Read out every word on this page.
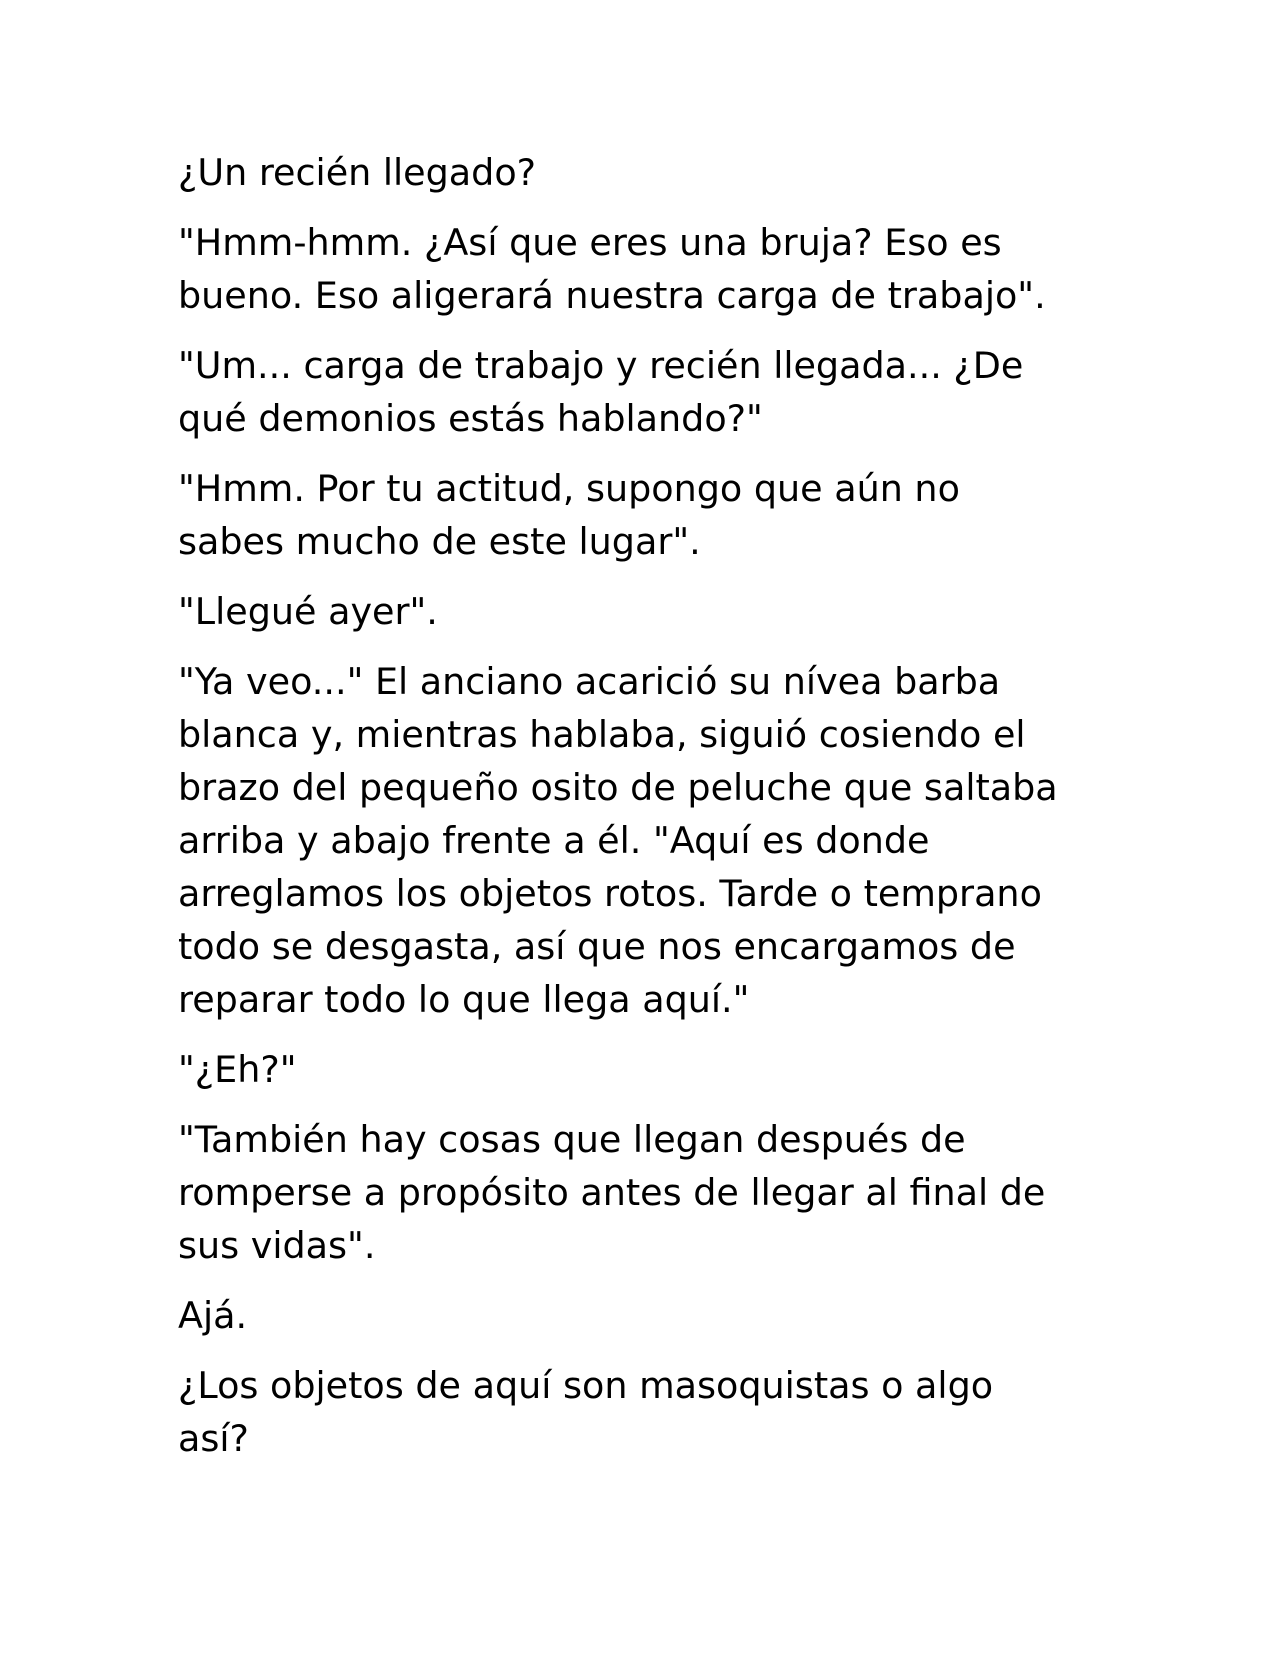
¿Un recién llegado?

"Hmm-hmm. ¿Así que eres una bruja? Eso es
bueno. Eso aligerará nuestra carga de trabajo".

"Um... carga de trabajo y recién llegada... ¿De
qué demonios estás hablando?"

"Hmm. Por tu actitud, supongo que aún no
sabes mucho de este lugar".

"Llegué ayer".

"Ya veo..." El anciano acarició su nívea barba
blanca y, mientras hablaba, siguió cosiendo el
brazo del pequeño osito de peluche que saltaba
arriba y abajo frente a él. "Aquí es donde
arreglamos los objetos rotos. Tarde o temprano
todo se desgasta, así que nos encargamos de
reparar todo lo que llega aquí."

"¿Eh?"

"También hay cosas que llegan después de
romperse a propósito antes de llegar al final de
sus vidas".

Ajá.

¿Los objetos de aquí son masoquistas o algo
así?
